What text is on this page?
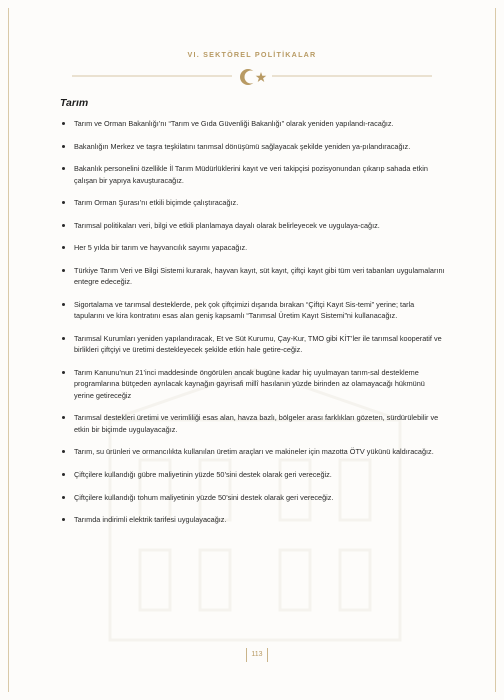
VI. SEKTÖREL POLİTİKALAR
Tarım
Tarım ve Orman Bakanlığı’nı “Tarım ve Gıda Güvenliği Bakanlığı” olarak yeniden yapılandı-racağız.
Bakanlığın Merkez ve taşra teşkilatını tarımsal dönüşümü sağlayacak şekilde yeniden ya-pılandıracağız.
Bakanlık personelini özellikle İl Tarım Müdürlüklerini kayıt ve veri takipçisi pozisyonundan çıkarıp sahada etkin çalışan bir yapıya kavuşturacağız.
Tarım Orman Şurası’nı etkili biçimde çalıştıracağız.
Tarımsal politikaları veri, bilgi ve etkili planlamaya dayalı olarak belirleyecek ve uygulaya-cağız.
Her 5 yılda bir tarım ve hayvancılık sayımı yapacağız.
Türkiye Tarım Veri ve Bilgi Sistemi kurarak, hayvan kayıt, süt kayıt, çiftçi kayıt gibi tüm veri tabanları uygulamalarını entegre edeceğiz.
Sigortalama ve tarımsal desteklerde, pek çok çiftçimizi dışarıda bırakan “Çiftçi Kayıt Sis-temi” yerine; tarla tapularını ve kira kontratını esas alan geniş kapsamlı “Tarımsal Üretim Kayıt Sistemi”ni kullanacağız.
Tarımsal Kurumları yeniden yapılandıracak, Et ve Süt Kurumu, Çay-Kur, TMO gibi KİT’ler ile tarımsal kooperatif ve birlikleri çiftçiyi ve üretimi destekleyecek şekilde etkin hale getire-ceğiz.
Tarım Kanunu’nun 21’inci maddesinde öngörülen ancak bugüne kadar hiç uyulmayan tarım-sal destekleme programlarına bütçeden ayrılacak kaynağın gayrisafi millî hasılanın yüzde birinden az olamayacağı hükmünü yerine getireceğiz
Tarımsal destekleri üretimi ve verimliliği esas alan, havza bazlı, bölgeler arası farklıkları gözeten, sürdürülebilir ve etkin bir biçimde uygulayacağız.
Tarım, su ürünleri ve ormancılıkta kullanılan üretim araçları ve makineler için mazotta ÖTV yükünü kaldıracağız.
Çiftçilere kullandığı gübre maliyetinin yüzde 50’sini destek olarak geri vereceğiz.
Çiftçilere kullandığı tohum maliyetinin yüzde 50’sini destek olarak geri vereceğiz.
Tarımda indirimli elektrik tarifesi uygulayacağız.
113
